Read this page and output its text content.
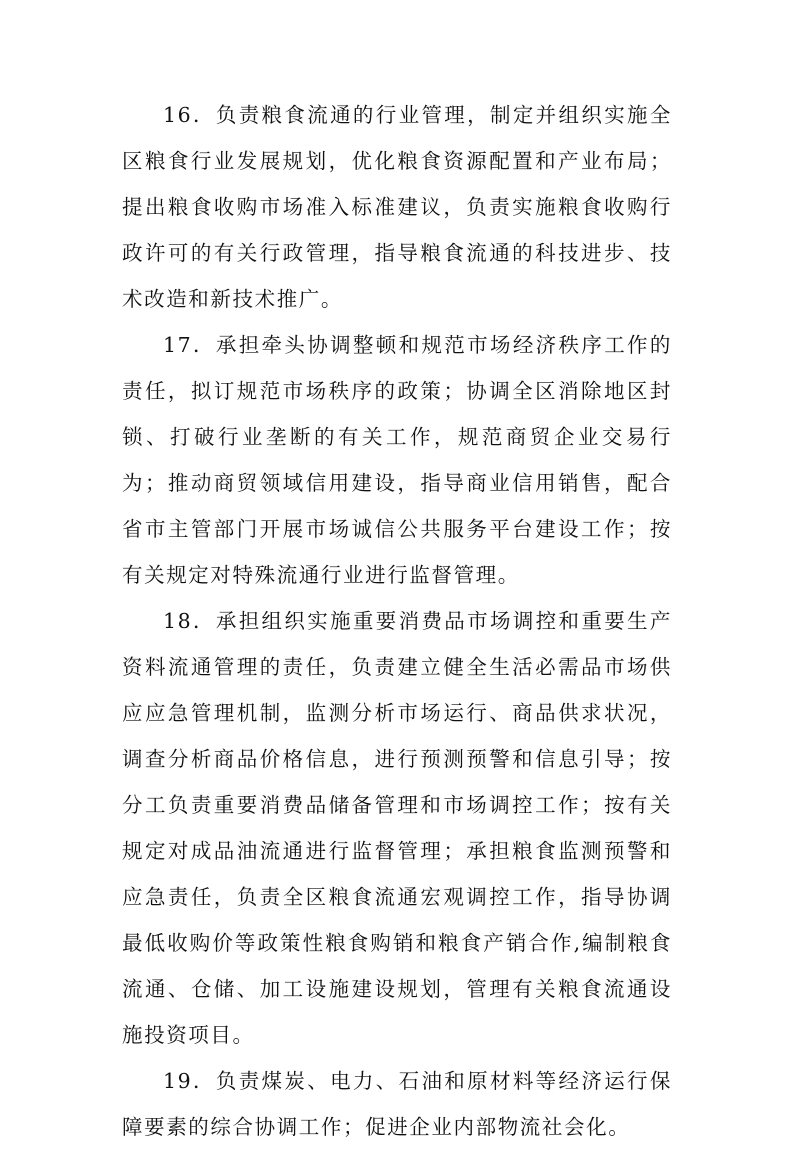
16．负责粮食流通的行业管理，制定并组织实施全区粮食行业发展规划，优化粮食资源配置和产业布局；提出粮食收购市场准入标准建议，负责实施粮食收购行政许可的有关行政管理，指导粮食流通的科技进步、技术改造和新技术推广。

17．承担牵头协调整顿和规范市场经济秩序工作的责任，拟订规范市场秩序的政策；协调全区消除地区封锁、打破行业垄断的有关工作，规范商贸企业交易行为；推动商贸领域信用建设，指导商业信用销售，配合省市主管部门开展市场诚信公共服务平台建设工作；按有关规定对特殊流通行业进行监督管理。

18．承担组织实施重要消费品市场调控和重要生产资料流通管理的责任，负责建立健全生活必需品市场供应应急管理机制，监测分析市场运行、商品供求状况，调查分析商品价格信息，进行预测预警和信息引导；按分工负责重要消费品储备管理和市场调控工作；按有关规定对成品油流通进行监督管理；承担粮食监测预警和应急责任，负责全区粮食流通宏观调控工作，指导协调最低收购价等政策性粮食购销和粮食产销合作,编制粮食流通、仓储、加工设施建设规划，管理有关粮食流通设施投资项目。

19．负责煤炭、电力、石油和原材料等经济运行保障要素的综合协调工作；促进企业内部物流社会化。
